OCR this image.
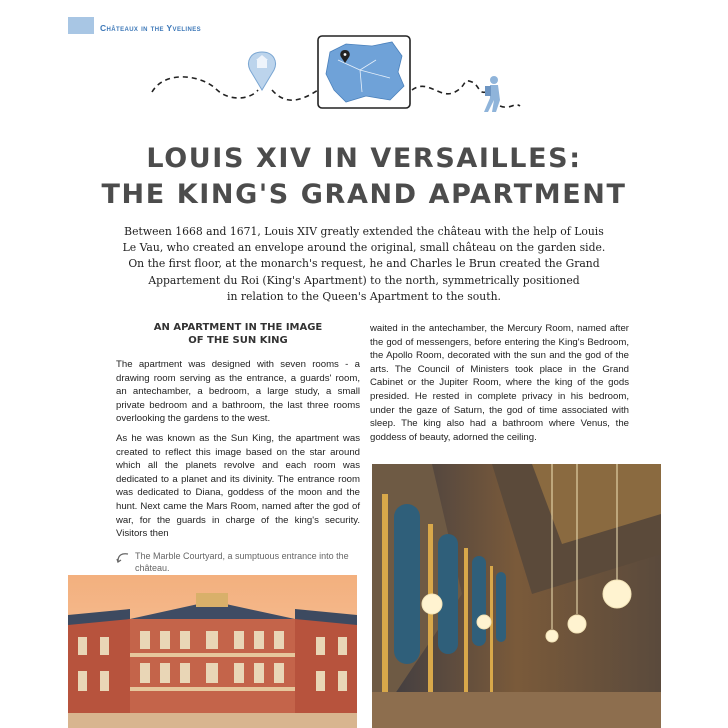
Châteaux in the Yvelines
LOUIS XIV IN VERSAILLES:
THE KING'S GRAND APARTMENT

Between 1668 and 1671, Louis XIV greatly extended the château with the help of Louis

Le Vau, who created an envelope around the original, small château on the garden side.

On the first floor, at the monarch's request, he and Charles le Brun created the Grand

Appartement du Roi (King's Apartment) to the north, symmetrically positioned

in relation to the Queen's Apartment to the south.

AN APARTMENT IN THE IMAGE
OF THE SUN KING

The apartment was designed with seven rooms - a drawing room serving as the entrance, a guards' room, an antechamber, a bedroom, a large study, a small private bedroom and a bathroom, the last three rooms overlooking the gardens to the west.

As he was known as the Sun King, the apartment was created to reflect this image based on the star around which all the planets revolve and each room was dedicated to a planet and its divinity. The entrance room was dedicated to Diana, goddess of the moon and the hunt. Next came the Mars Room, named after the god of war, for the guards in charge of the king's security. Visitors then

waited in the antechamber, the Mercury Room, named after the god of messengers, before entering the King's Bedroom, the Apollo Room, decorated with the sun and the god of the arts. The Council of Ministers took place in the Grand Cabinet or the Jupiter Room, where the king of the gods presided. He rested in complete privacy in his bedroom, under the gaze of Saturn, the god of time associated with sleep. The king also had a bathroom where Venus, the goddess of beauty, adorned the ceiling.

The Marble Courtyard, a sumptuous entrance into the château.
